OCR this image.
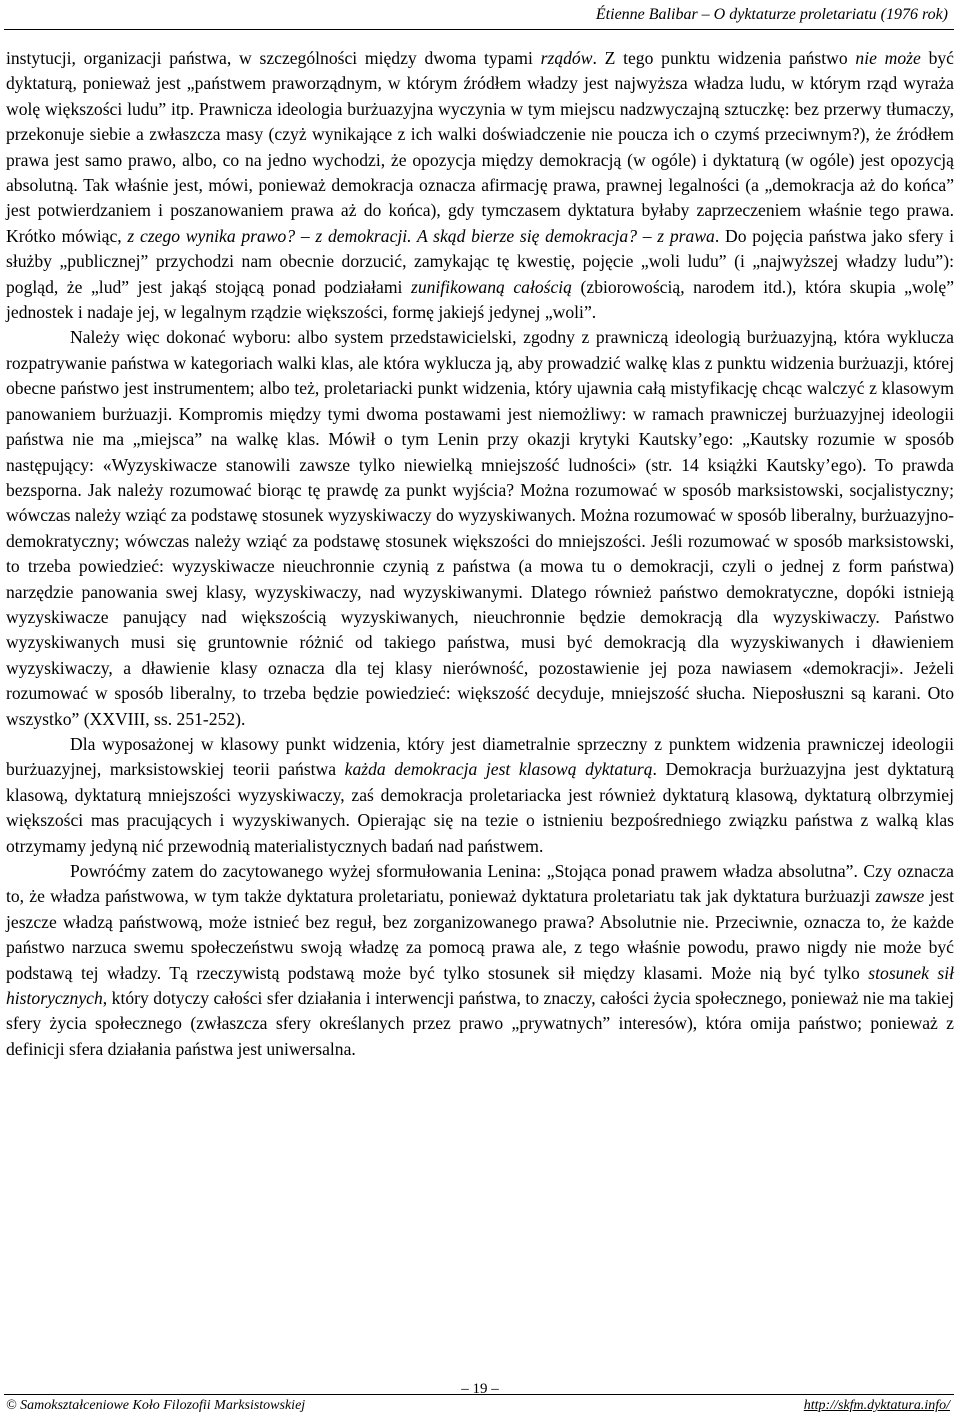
Étienne Balibar – O dyktaturze proletariatu (1976 rok)

instytucji, organizacji państwa, w szczególności między dwoma typami rządów. Z tego punktu widzenia państwo nie może być dyktaturą, ponieważ jest „państwem praworządnym, w którym źródłem władzy jest najwyższa władza ludu, w którym rząd wyraża wolę większości ludu” itp. Prawnicza ideologia burżuazyjna wyczynia w tym miejscu nadzwyczajną sztuczkę: bez przerwy tłumaczy, przekonuje siebie a zwłaszcza masy (czyż wynikające z ich walki doświadczenie nie poucza ich o czymś przeciwnym?), że źródłem prawa jest samo prawo, albo, co na jedno wychodzi, że opozycja między demokracją (w ogóle) i dyktaturą (w ogóle) jest opozycją absolutną. Tak właśnie jest, mówi, ponieważ demokracja oznacza afirmację prawa, prawnej legalności (a „demokracja aż do końca” jest potwierdzaniem i poszanowaniem prawa aż do końca), gdy tymczasem dyktatura byłaby zaprzeczeniem właśnie tego prawa. Krótko mówiąc, z czego wynika prawo? – z demokracji. A skąd bierze się demokracja? – z prawa. Do pojęcia państwa jako sfery i służby „publicznej” przychodzi nam obecnie dorzucić, zamykając tę kwestię, pojęcie „woli ludu” (i „najwyższej władzy ludu”): pogląd, że „lud” jest jakąś stojącą ponad podziałami zunifikowaną całością (zbiorowością, narodem itd.), która skupia „wolę” jednostek i nadaje jej, w legalnym rządzie większości, formę jakiejś jedynej „woli”.

Należy więc dokonać wyboru: albo system przedstawicielski, zgodny z prawniczą ideologią burżuazyjną, która wyklucza rozpatrywanie państwa w kategoriach walki klas, ale która wyklucza ją, aby prowadzić walkę klas z punktu widzenia burżuazji, której obecne państwo jest instrumentem; albo też, proletariacki punkt widzenia, który ujawnia całą mistyfikację chcąc walczyć z klasowym panowaniem burżuazji. Kompromis między tymi dwoma postawami jest niemożliwy: w ramach prawniczej burżuazyjnej ideologii państwa nie ma „miejsca” na walkę klas. Mówił o tym Lenin przy okazji krytyki Kautsky’ego: „Kautsky rozumie w sposób następujący: «Wyzyskiwacze stanowili zawsze tylko niewielką mniejszość ludności» (str. 14 książki Kautsky’ego). To prawda bezsporna. Jak należy rozumować biorąc tę prawdę za punkt wyjścia? Można rozumować w sposób marksistowski, socjalistyczny; wówczas należy wziąć za podstawę stosunek wyzyskiwaczy do wyzyskiwanych. Można rozumować w sposób liberalny, burżuazyjno-demokratyczny; wówczas należy wziąć za podstawę stosunek większości do mniejszości. Jeśli rozumować w sposób marksistowski, to trzeba powiedzieć: wyzyskiwacze nieuchronnie czynią z państwa (a mowa tu o demokracji, czyli o jednej z form państwa) narzędzie panowania swej klasy, wyzyskiwaczy, nad wyzyskiwanymi. Dlatego również państwo demokratyczne, dopóki istnieją wyzyskiwacze panujący nad większością wyzyskiwanych, nieuchronnie będzie demokracją dla wyzyskiwaczy. Państwo wyzyskiwanych musi się gruntownie różnić od takiego państwa, musi być demokracją dla wyzyskiwanych i dławieniem wyzyskiwaczy, a dławienie klasy oznacza dla tej klasy nierówność, pozostawienie jej poza nawiasem «demokracji». Jeżeli rozumować w sposób liberalny, to trzeba będzie powiedzieć: większość decyduje, mniejszość słucha. Nieposłuszni są karani. Oto wszystko” (XXVIII, ss. 251-252).

Dla wyposażonej w klasowy punkt widzenia, który jest diametralnie sprzeczny z punktem widzenia prawniczej ideologii burżuazyjnej, marksistowskiej teorii państwa każda demokracja jest klasową dyktaturą. Demokracja burżuazyjna jest dyktaturą klasową, dyktaturą mniejszości wyzyskiwaczy, zaś demokracja proletariacka jest również dyktaturą klasową, dyktaturą olbrzymiej większości mas pracujących i wyzyskiwanych. Opierając się na tezie o istnieniu bezpośredniego związku państwa z walką klas otrzymamy jedyną nić przewodnią materialistycznych badań nad państwem.

Powróćmy zatem do zacytowanego wyżej sformułowania Lenina: „Stojąca ponad prawem władza absolutna”. Czy oznacza to, że władza państwowa, w tym także dyktatura proletariatu, ponieważ dyktatura proletariatu tak jak dyktatura burżuazji zawsze jest jeszcze władzą państwową, może istnieć bez reguł, bez zorganizowanego prawa? Absolutnie nie. Przeciwnie, oznacza to, że każde państwo narzuca swemu społeczeństwu swoją władzę za pomocą prawa ale, z tego właśnie powodu, prawo nigdy nie może być podstawą tej władzy. Tą rzeczywistą podstawą może być tylko stosunek sił między klasami. Może nią być tylko stosunek sił historycznych, który dotyczy całości sfer działania i interwencji państwa, to znaczy, całości życia społecznego, ponieważ nie ma takiej sfery życia społecznego (zwłaszcza sfery określanych przez prawo „prywatnych” interesów), która omija państwo; ponieważ z definicji sfera działania państwa jest uniwersalna.

– 19 –
© Samokształceniowe Koło Filozofii Marksistowskiej	http://skfm.dyktatura.info/
